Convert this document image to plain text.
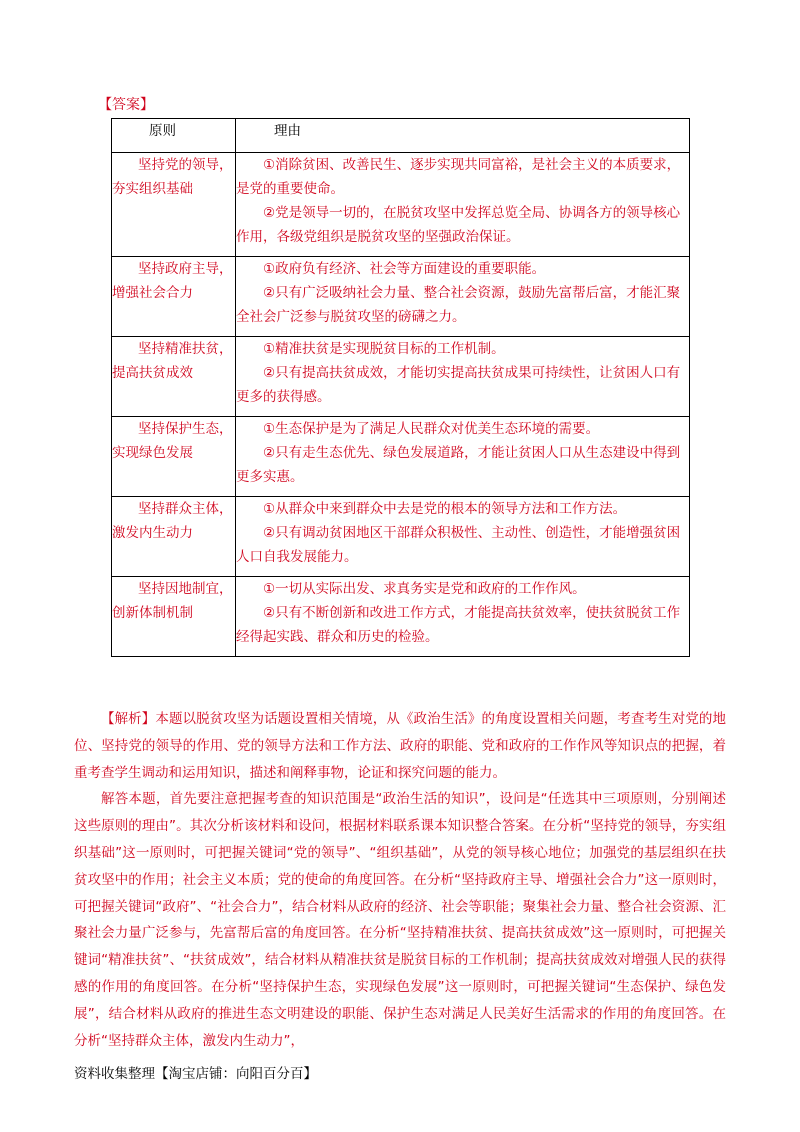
【答案】
原则	理由

坚持党的领导，夯实组织基础	①消除贫困、改善民生、逐步实现共同富裕，是社会主义的本质要求，是党的重要使命。

②党是领导一切的，在脱贫攻坚中发挥总览全局、协调各方的领导核心作用，各级党组织是脱贫攻坚的坚强政治保证。

坚持政府主导，增强社会合力	①政府负有经济、社会等方面建设的重要职能。

②只有广泛吸纳社会力量、整合社会资源，鼓励先富帮后富，才能汇聚全社会广泛参与脱贫攻坚的磅礴之力。

坚持精准扶贫，提高扶贫成效	①精准扶贫是实现脱贫目标的工作机制。

②只有提高扶贫成效，才能切实提高扶贫成果可持续性，让贫困人口有更多的获得感。

坚持保护生态，实现绿色发展	①生态保护是为了满足人民群众对优美生态环境的需要。

②只有走生态优先、绿色发展道路，才能让贫困人口从生态建设中得到更多实惠。

坚持群众主体，激发内生动力	①从群众中来到群众中去是党的根本的领导方法和工作方法。

②只有调动贫困地区干部群众积极性、主动性、创造性，才能增强贫困人口自我发展能力。

坚持因地制宜，创新体制机制	①一切从实际出发、求真务实是党和政府的工作作风。

②只有不断创新和改进工作方式，才能提高扶贫效率，使扶贫脱贫工作经得起实践、群众和历史的检验。

【解析】本题以脱贫攻坚为话题设置相关情境，从《政治生活》的角度设置相关问题，考查考生对党的地位、坚持党的领导的作用、党的领导方法和工作方法、政府的职能、党和政府的工作作风等知识点的把握，着重考查学生调动和运用知识，描述和阐释事物，论证和探究问题的能力。

解答本题，首先要注意把握考查的知识范围是“政治生活的知识”，设问是“任选其中三项原则，分别阐述这些原则的理由”。其次分析该材料和设问，根据材料联系课本知识整合答案。在分析“坚持党的领导，夯实组织基础”这一原则时，可把握关键词“党的领导”、“组织基础”，从党的领导核心地位；加强党的基层组织在扶贫攻坚中的作用；社会主义本质；党的使命的角度回答。在分析“坚持政府主导、增强社会合力”这一原则时，可把握关键词“政府”、“社会合力”，结合材料从政府的经济、社会等职能；聚集社会力量、整合社会资源、汇聚社会力量广泛参与，先富帮后富的角度回答。在分析“坚持精准扶贫、提高扶贫成效”这一原则时，可把握关键词“精准扶贫”、“扶贫成效”，结合材料从精准扶贫是脱贫目标的工作机制；提高扶贫成效对增强人民的获得感的作用的角度回答。在分析“坚持保护生态，实现绿色发展”这一原则时，可把握关键词“生态保护、绿色发展”，结合材料从政府的推进生态文明建设的职能、保护生态对满足人民美好生活需求的作用的角度回答。在分析“坚持群众主体，激发内生动力”，

资料收集整理【淘宝店铺：向阳百分百】
